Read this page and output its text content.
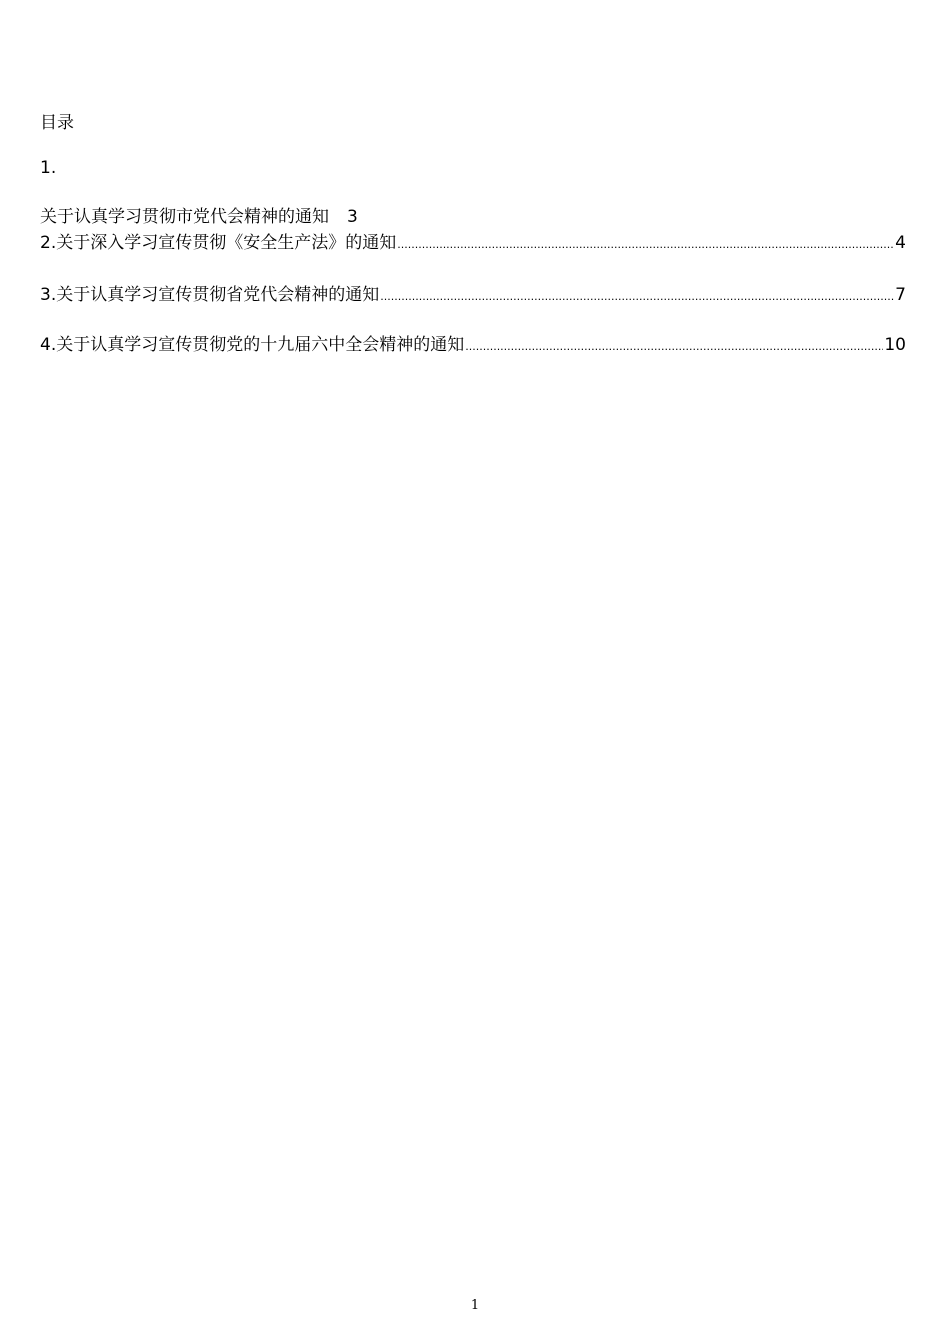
目录
1.
关于认真学习贯彻市党代会精神的通知 3
2.关于深入学习宣传贯彻《安全生产法》的通知 .....	4
3.关于认真学习宣传贯彻省党代会精神的通知 .....	7
4.关于认真学习宣传贯彻党的十九届六中全会精神的通知 .....	10
1
